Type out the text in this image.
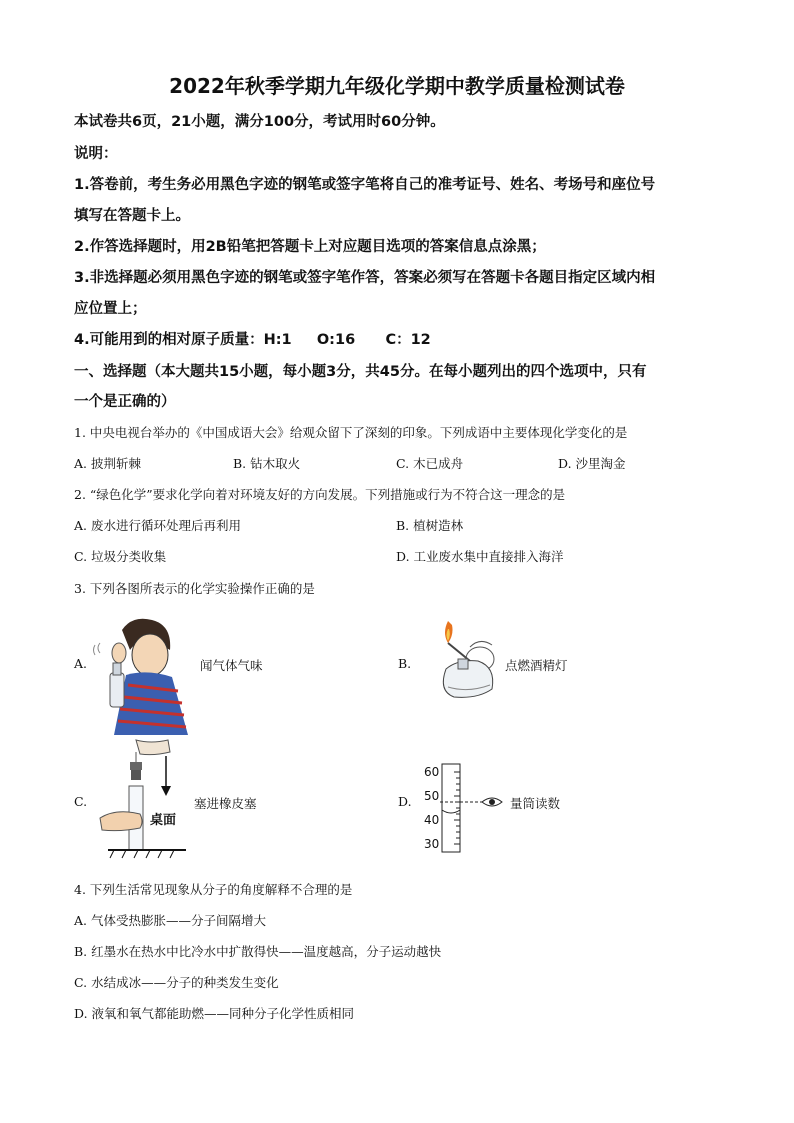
2022年秋季学期九年级化学期中教学质量检测试卷
本试卷共6页，21小题，满分100分，考试用时60分钟。
说明：
1.答卷前，考生务必用黑色字迹的钢笔或签字笔将自己的准考证号、姓名、考场号和座位号
填写在答题卡上。
2.作答选择题时，用2B铅笔把答题卡上对应题目选项的答案信息点涂黑；
3.非选择题必须用黑色字迹的钢笔或签字笔作答，答案必须写在答题卡各题目指定区域内相
应位置上；
4.可能用到的相对原子质量：H:1     O:16      C：12
一、选择题（本大题共15小题，每小题3分，共45分。在每小题列出的四个选项中，只有
一个是正确的）
1. 中央电视台举办的《中国成语大会》给观众留下了深刻的印象。下列成语中主要体现化学变化的是
A. 披荆斩棘	B. 钻木取火	C. 木已成舟	D. 沙里淘金
2. “绿色化学”要求化学向着对环境友好的方向发展。下列措施或行为不符合这一理念的是
A. 废水进行循环处理后再利用	B. 植树造林
C. 垃圾分类收集	D. 工业废水集中直接排入海洋
3. 下列各图所表示的化学实验操作正确的是
A.	闻气体气味	B.	点燃酒精灯
C.
桌面
塞进橡皮塞	D.
60
50
40
30
量筒读数
4. 下列生活常见现象从分子的角度解释不合理的是
A. 气体受热膨胀——分子间隔增大
B. 红墨水在热水中比冷水中扩散得快——温度越高，分子运动越快
C. 水结成冰——分子的种类发生变化
D. 液氧和氧气都能助燃——同种分子化学性质相同
